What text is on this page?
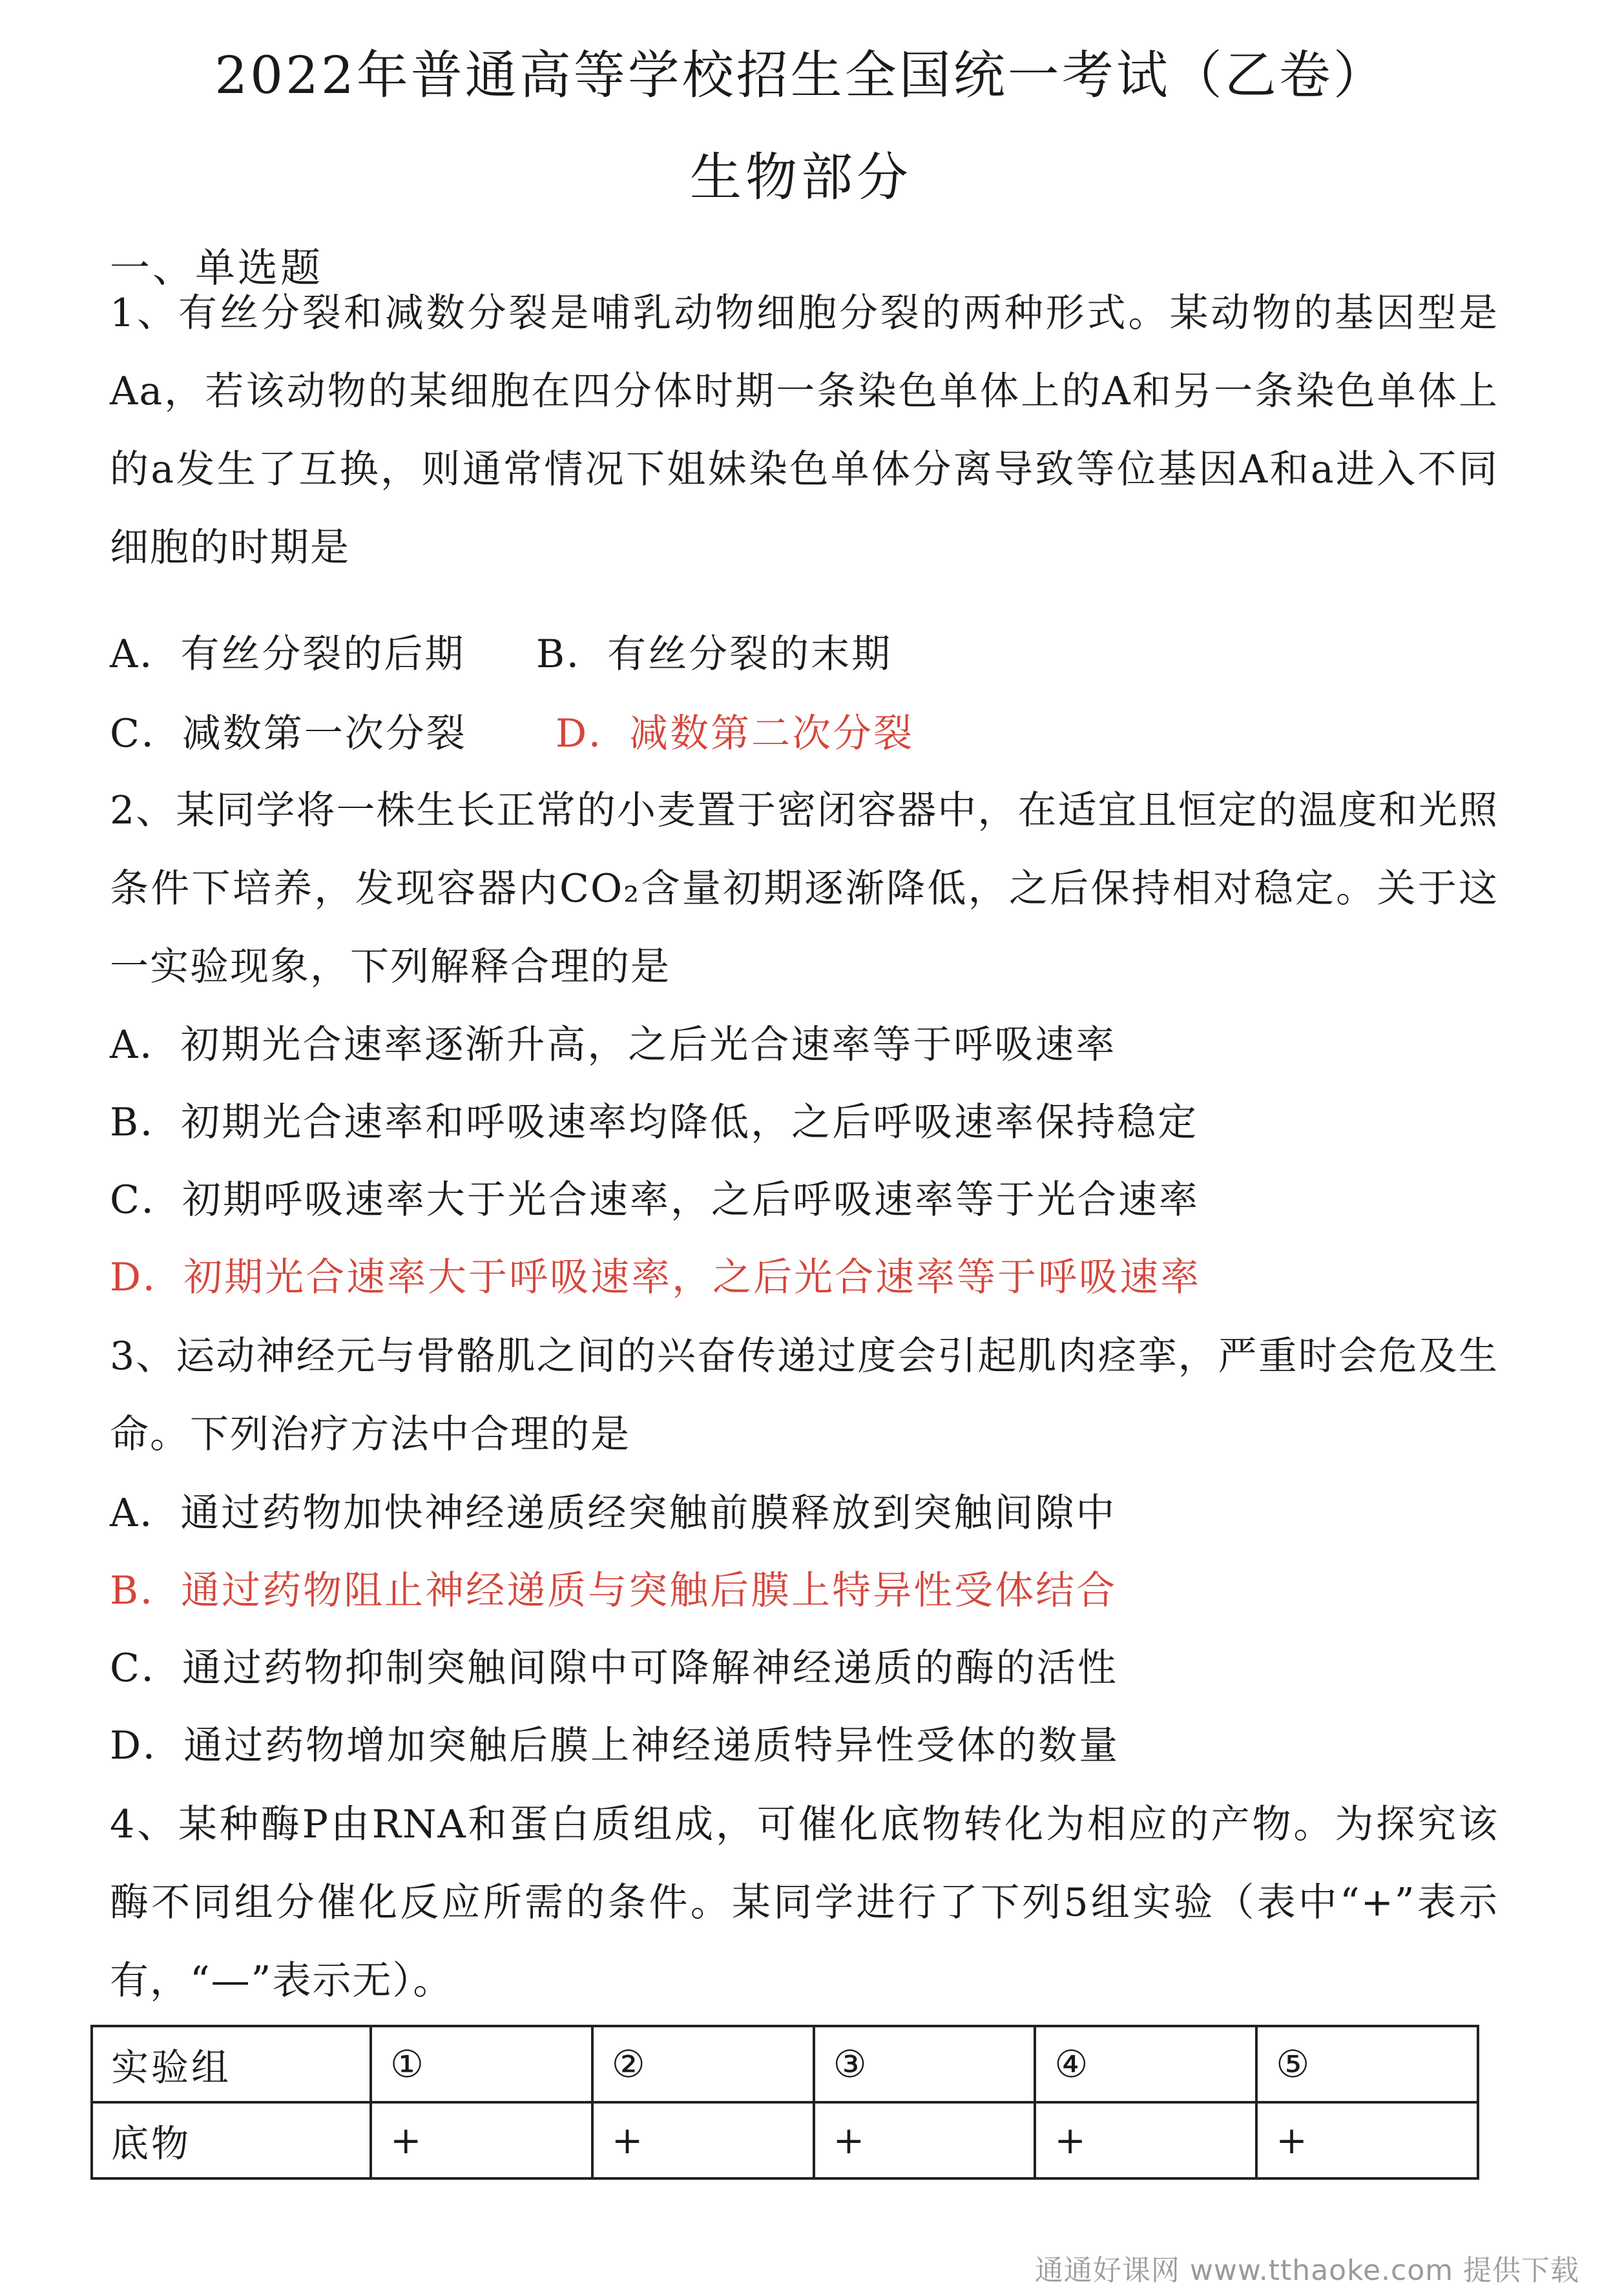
2022年普通高等学校招生全国统一考试（乙卷）
生物部分
一、单选题

1、有丝分裂和减数分裂是哺乳动物细胞分裂的两种形式。某动物的基因型是Aa，若该动物的某细胞在四分体时期一条染色单体上的A和另一条染色单体上的a发生了互换，则通常情况下姐妹染色单体分离导致等位基因A和a进入不同细胞的时期是

A．有丝分裂的后期 B．有丝分裂的末期
C．减数第一次分裂 D．减数第二次分裂

2、某同学将一株生长正常的小麦置于密闭容器中，在适宜且恒定的温度和光照条件下培养，发现容器内CO₂含量初期逐渐降低，之后保持相对稳定。关于这一实验现象，下列解释合理的是

A．初期光合速率逐渐升高，之后光合速率等于呼吸速率
B．初期光合速率和呼吸速率均降低，之后呼吸速率保持稳定
C．初期呼吸速率大于光合速率，之后呼吸速率等于光合速率
D．初期光合速率大于呼吸速率，之后光合速率等于呼吸速率

3、运动神经元与骨骼肌之间的兴奋传递过度会引起肌肉痉挛，严重时会危及生命。下列治疗方法中合理的是

A．通过药物加快神经递质经突触前膜释放到突触间隙中
B．通过药物阻止神经递质与突触后膜上特异性受体结合
C．通过药物抑制突触间隙中可降解神经递质的酶的活性
D．通过药物增加突触后膜上神经递质特异性受体的数量

4、某种酶P由RNA和蛋白质组成，可催化底物转化为相应的产物。为探究该酶不同组分催化反应所需的条件。某同学进行了下列5组实验（表中“+”表示有，“—”表示无）。

实验组	①	②	③	④	⑤
底物	+	+	+	+	+
通通好课网 www.tthaoke.com 提供下载
